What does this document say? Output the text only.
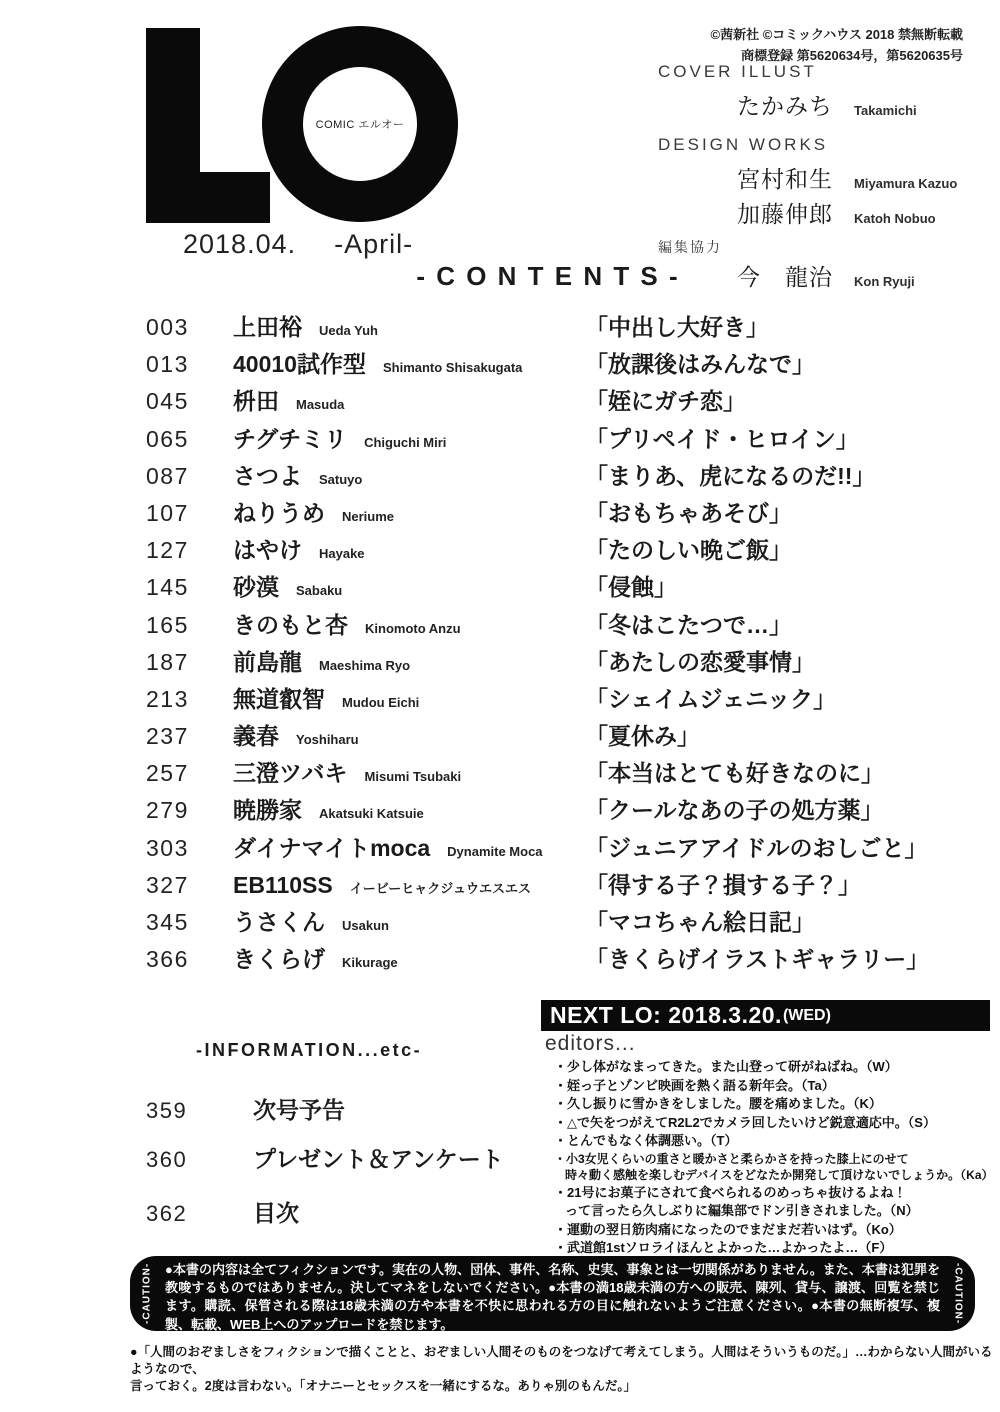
COMIC エルオー
2018.04. -April-
©茜新社 ©コミックハウス 2018 禁無断転載
商標登録 第5620634号，第5620635号
COVER ILLUST
たかみち Takamichi
DESIGN WORKS
宮村和生 Miyamura Kazuo
加藤伸郎 Katoh Nobuo
編集協力
今　龍治 Kon Ryuji
- C O N T E N T S -
003	上田裕 Ueda Yuh	「中出し大好き」
013	40010試作型 Shimanto Shisakugata	「放課後はみんなで」
045	枡田 Masuda	「姪にガチ恋」
065	チグチミリ Chiguchi Miri	「プリペイド・ヒロイン」
087	さつよ Satuyo	「まりあ、虎になるのだ!!」
107	ねりうめ Neriume	「おもちゃあそび」
127	はやけ Hayake	「たのしい晩ご飯」
145	砂漠 Sabaku	「侵蝕」
165	きのもと杏 Kinomoto Anzu	「冬はこたつで…」
187	前島龍 Maeshima Ryo	「あたしの恋愛事情」
213	無道叡智 Mudou Eichi	「シェイムジェニック」
237	義春 Yoshiharu	「夏休み」
257	三澄ツバキ Misumi Tsubaki	「本当はとても好きなのに」
279	暁勝家 Akatsuki Katsuie	「クールなあの子の処方薬」
303	ダイナマイトmoca Dynamite Moca 「ジュニアアイドルのおしごと」
327	EB110SS イービーヒャクジュウエスエス 「得する子？損する子？」
345	うさくん Usakun	「マコちゃん絵日記」
366	きくらげ Kikurage	「きくらげイラストギャラリー」
-INFORMATION...etc-
359	次号予告
360	プレゼント＆アンケート
362	目次
NEXT LO: 2018.3.20. (WED)
editors...
・少し体がなまってきた。また山登って研がねばね。（W）
・姪っ子とゾンビ映画を熱く語る新年会。（Ta）
・久し振りに雪かきをしました。腰を痛めました。（K）
・△で矢をつがえてR2L2でカメラ回したいけど鋭意適応中。（S）
・とんでもなく体調悪い。（T）
・小3女児くらいの重さと暖かさと柔らかさを持った膝上にのせて
時々動く感触を楽しむデバイスをどなたか開発して頂けないでしょうか。（Ka）
・21号にお菓子にされて食べられるのめっちゃ抜けるよね！
って言ったら久しぶりに編集部でドン引きされました。（N）
・運動の翌日筋肉痛になったのでまだまだ若いはず。（Ko）
・武道館1stソロライほんとよかった…よかったよ…（F）
-CAUTION- ●本書の内容は全てフィクションです。実在の人物、団体、事件、名称、史実、事象とは一切関係がありません。また、本書は犯罪を教唆するものではありません。決してマネをしないでください。●本書の満18歳未満の方への販売、陳列、貸与、譲渡、回覧を禁じます。購読、保管される際は18歳未満の方や本書を不快に思われる方の目に触れないようご注意ください。●本書の無断複写、複製、転載、WEB上へのアップロードを禁じます。	-CAUTION-
●「人間のおぞましさをフィクションで描くことと、おぞましい人間そのものをつなげて考えてしまう。人間はそういうものだ。」…わからない人間がいるようなので、
言っておく。2度は言わない。「オナニーとセックスを一緒にするな。ありゃ別のもんだ。」
